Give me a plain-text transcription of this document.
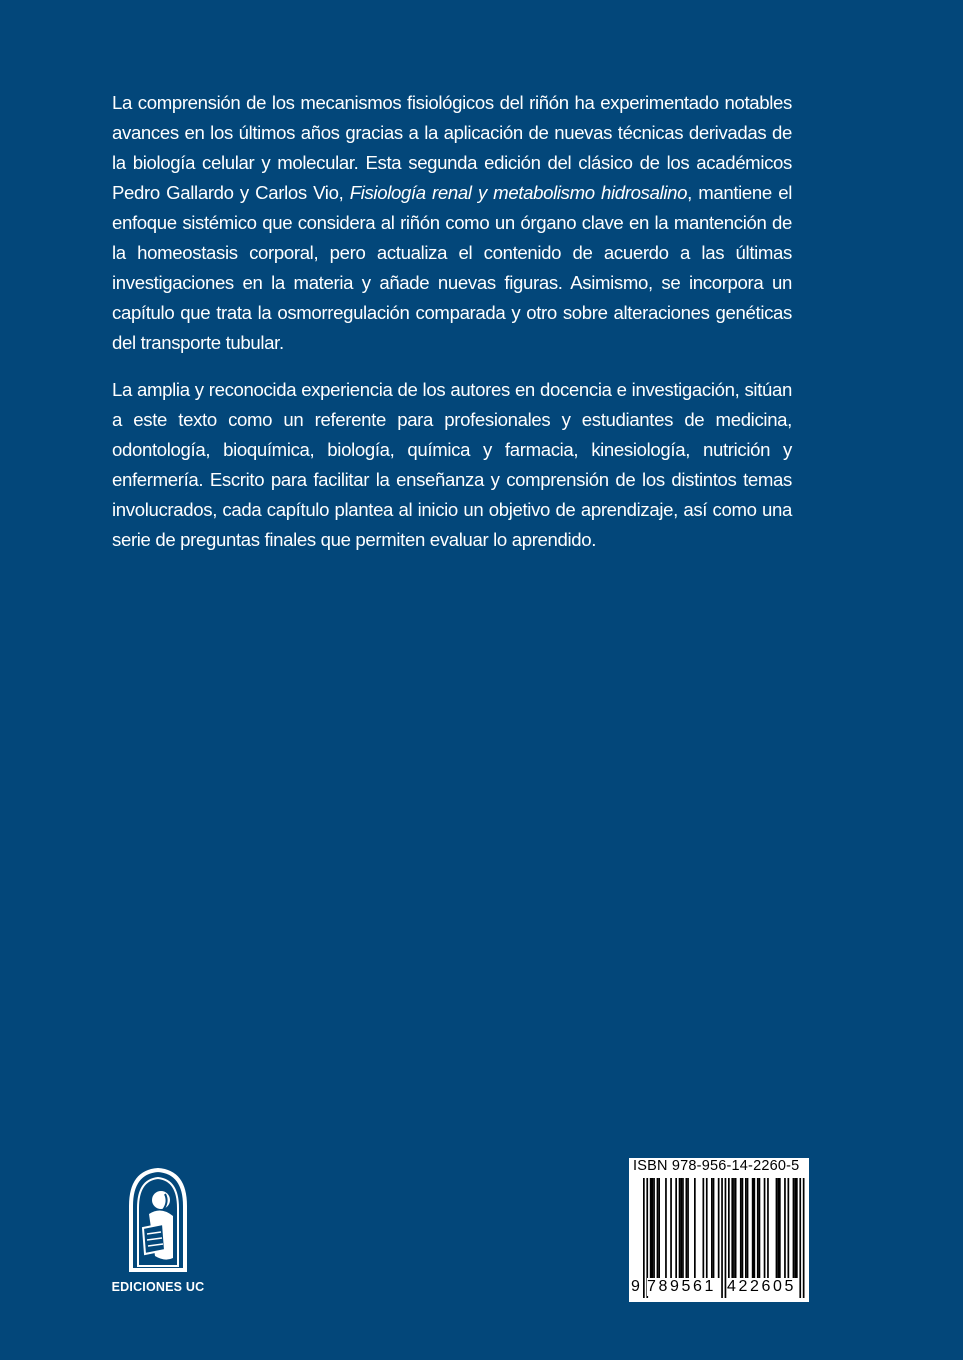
La comprensión de los mecanismos fisiológicos del riñón ha experimentado notables avances en los últimos años gracias a la aplicación de nuevas técnicas derivadas de la biología celular y molecular. Esta segunda edición del clásico de los académicos Pedro Gallardo y Carlos Vio, Fisiología renal y metabolismo hidrosalino, mantiene el enfoque sistémico que considera al riñón como un órgano clave en la mantención de la homeostasis corporal, pero actualiza el contenido de acuerdo a las últimas investigaciones en la materia y añade nuevas figuras. Asimismo, se incorpora un capítulo que trata la osmorregulación comparada y otro sobre alteraciones genéticas del transporte tubular.

La amplia y reconocida experiencia de los autores en docencia e investigación, sitúan a este texto como un referente para profesionales y estudiantes de medicina, odontología, bioquímica, biología, química y farmacia, kinesiología, nutrición y enfermería. Escrito para facilitar la enseñanza y comprensión de los distintos temas involucrados, cada capítulo plantea al inicio un objetivo de aprendizaje, así como una serie de preguntas finales que permiten evaluar lo aprendido.

EDICIONES UC
ISBN 978-956-14-2260-5
9 789561 422605
